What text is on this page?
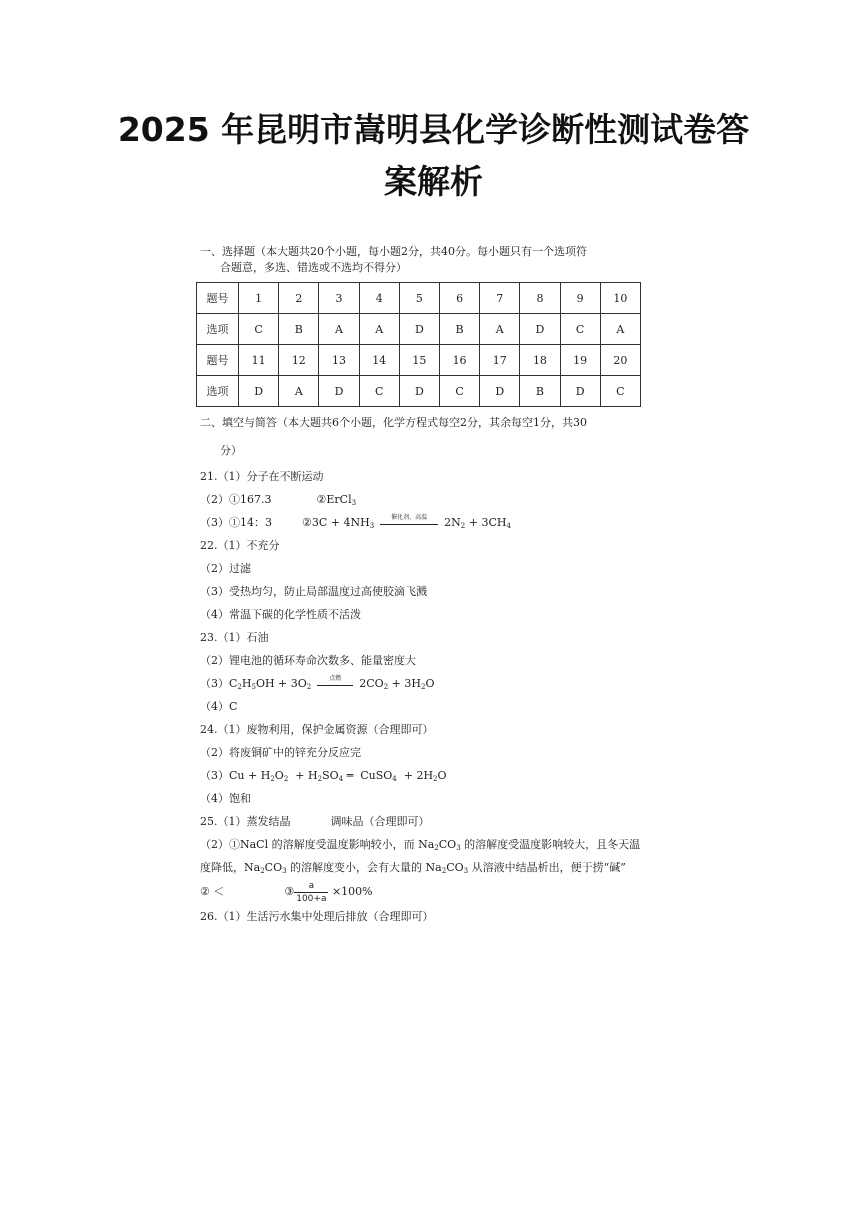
2025 年昆明市嵩明县化学诊断性测试卷答
案解析
一、选择题（本大题共20个小题，每小题2分，共40分。每小题只有一个选项符
合题意，多选、错选或不选均不得分）
题号	1	2	3	4	5	6	7	8	9	10
选项	C	B	A	A	D	B	A	D	C	A
题号	11	12	13	14	15	16	17	18	19	20
选项	D	A	D	C	D	C	D	B	D	C
二、填空与简答（本大题共6个小题，化学方程式每空2分，其余每空1分，共30
分）
21.（1）分子在不断运动
（2）①167.3	②ErCl$_3$
（3）①14：3	②3C + $4NH_3$
催化剂、高温	$2N_2 + 3CH_4$
22.（1）不充分
（2）过滤
（3）受热均匀，防止局部温度过高使胶滴飞溅
（4）常温下碳的化学性质不活泼
23.（1）石油
（2）锂电池的循环寿命次数多、能量密度大
$(3)C_2H_5OH + 3O_2$
点燃	$2CO_2 + 3H_2O$
（4）C
24.（1）废物利用，保护金属资源（合理即可）
（2）将废铜矿中的锌充分反应完
$(3)Cu + H_2O_2 + H_2SO_4$ ═  CuSO$_4$  + $2H_2O$
（4）饱和
25.（1）蒸发结晶	调味品（合理即可）
（2）①NaCl 的溶解度受温度影响较小，而 $Na_2CO_3$ 的溶解度受温度影响较大，且冬天温度降低，$Na_2CO_3$ 的溶解度变小，会有大量的 $Na_2CO_3$ 从溶液中结晶析出，便于捞“碱”
② ＜	③ $\frac{a}{100+a} \times 100\%$
26.（1）生活污水集中处理后排放（合理即可）
